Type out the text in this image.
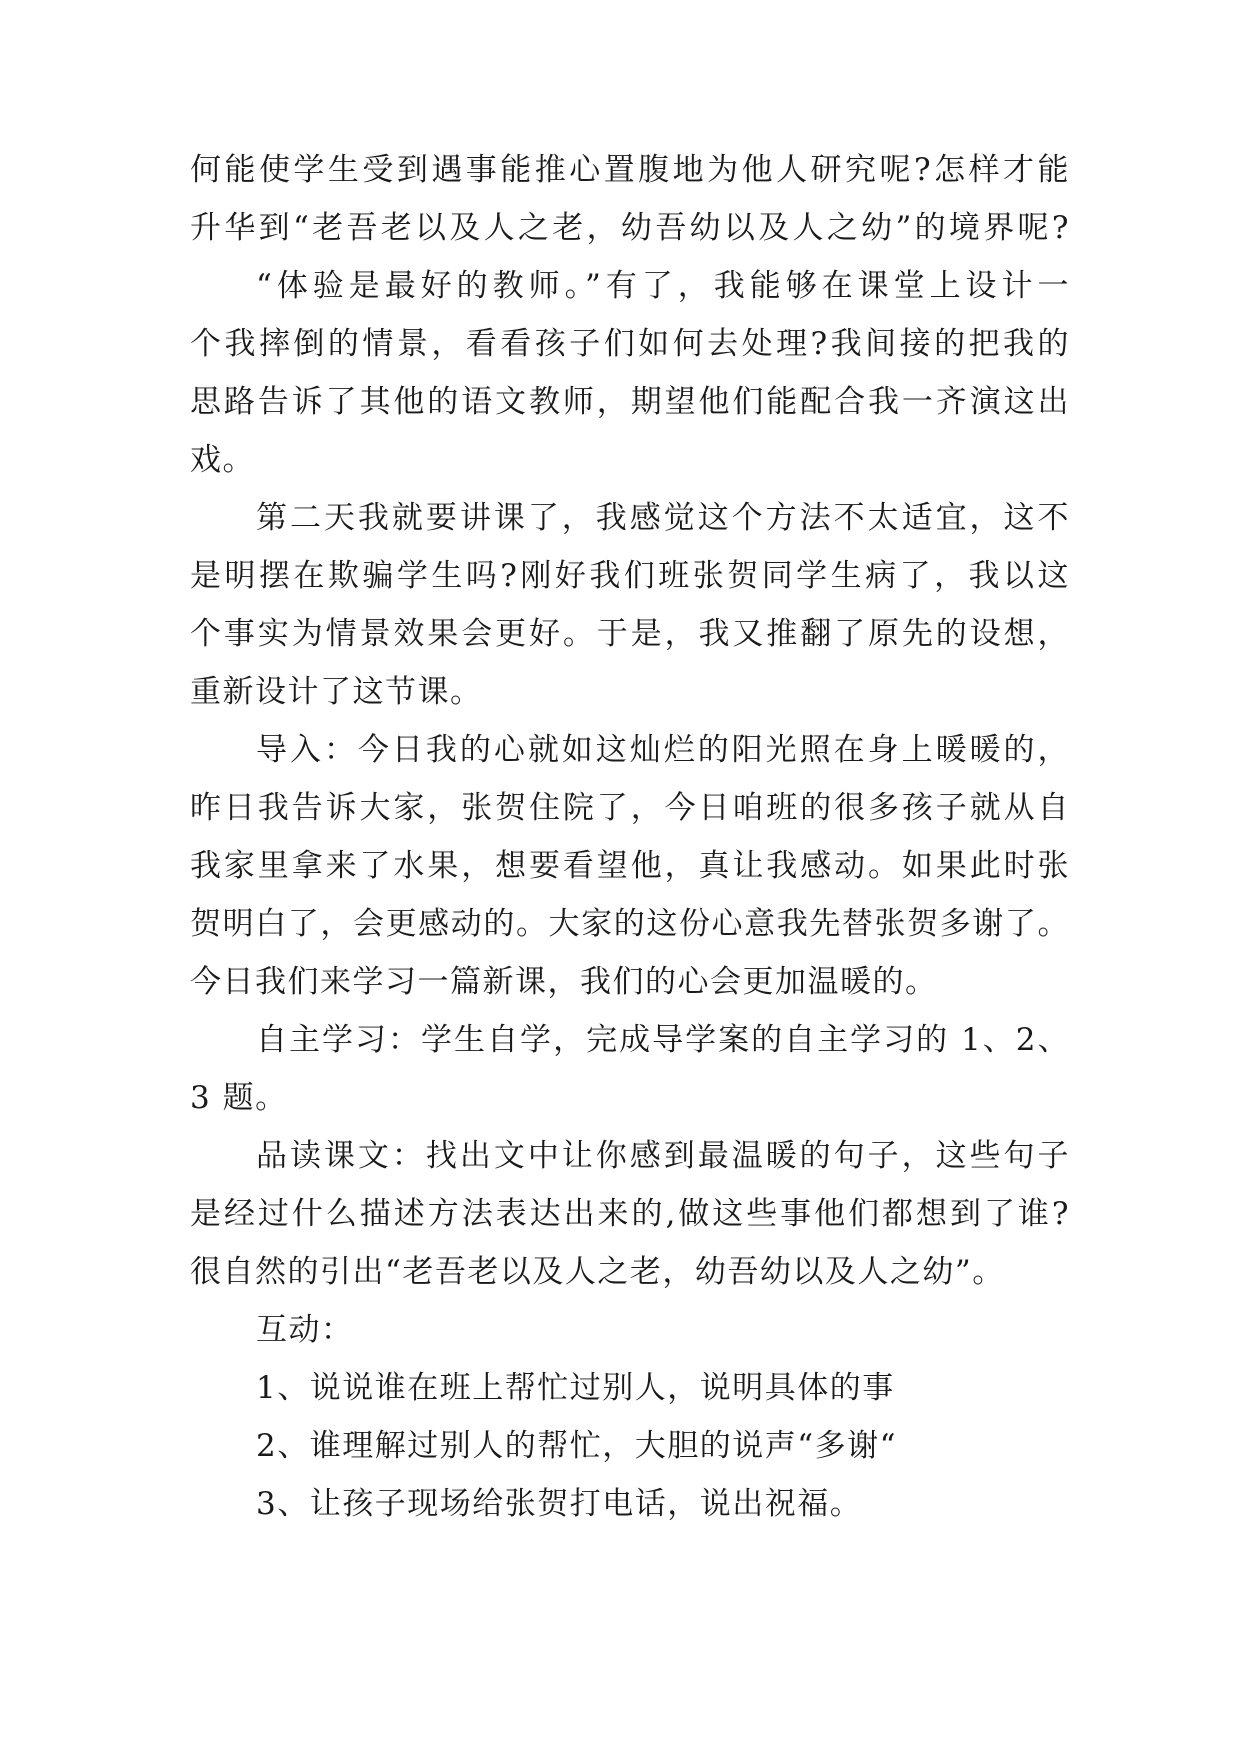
何能使学生受到遇事能推心置腹地为他人研究呢?怎样才能
升华到“老吾老以及人之老，幼吾幼以及人之幼”的境界呢?
“体验是最好的教师。”有了，我能够在课堂上设计一
个我摔倒的情景，看看孩子们如何去处理?我间接的把我的
思路告诉了其他的语文教师，期望他们能配合我一齐演这出
戏。
第二天我就要讲课了，我感觉这个方法不太适宜，这不
是明摆在欺骗学生吗?刚好我们班张贺同学生病了，我以这
个事实为情景效果会更好。于是，我又推翻了原先的设想，
重新设计了这节课。
导入：今日我的心就如这灿烂的阳光照在身上暖暖的，
昨日我告诉大家，张贺住院了，今日咱班的很多孩子就从自
我家里拿来了水果，想要看望他，真让我感动。如果此时张
贺明白了，会更感动的。大家的这份心意我先替张贺多谢了。
今日我们来学习一篇新课，我们的心会更加温暖的。
自主学习：学生自学，完成导学案的自主学习的 1、2、
3 题。
品读课文：找出文中让你感到最温暖的句子，这些句子
是经过什么描述方法表达出来的,做这些事他们都想到了谁?
很自然的引出“老吾老以及人之老，幼吾幼以及人之幼”。
互动：
1、说说谁在班上帮忙过别人，说明具体的事
2、谁理解过别人的帮忙，大胆的说声“多谢“
3、让孩子现场给张贺打电话，说出祝福。
